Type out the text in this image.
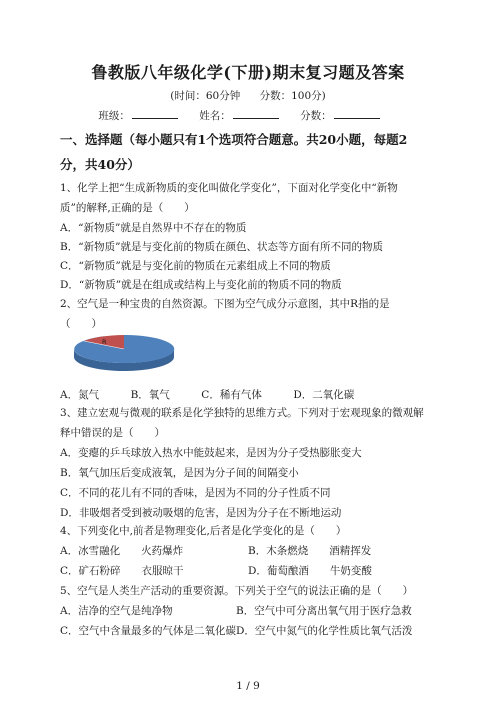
鲁教版八年级化学(下册)期末复习题及答案
(时间：60分钟 分数：100分)
班级：	姓名：	分数：
一、选择题（每小题只有1个选项符合题意。共20小题，每题2
分，共40分）
1、化学上把“生成新物质的变化叫做化学变化”，下面对化学变化中“新物
质”的解释,正确的是（　　）
A．“新物质”就是自然界中不存在的物质
B．“新物质”就是与变化前的物质在颜色、状态等方面有所不同的物质
C．“新物质”就是与变化前的物质在元素组成上不同的物质
D．“新物质”就是在组成或结构上与变化前的物质不同的物质
2、空气是一种宝贵的自然资源。下图为空气成分示意图，其中R指的是
（　　）
R
A．氮气　　　B．氧气　　　C．稀有气体　　　D．二氧化碳
3、建立宏观与微观的联系是化学独特的思维方式。下列对于宏观现象的微观解
释中错误的是（　　）
A．变瘪的乒乓球放入热水中能鼓起来，是因为分子受热膨胀变大
B．氧气加压后变成液氧，是因为分子间的间隔变小
C．不同的花儿有不同的香味，是因为不同的分子性质不同
D．非吸烟者受到被动吸烟的危害，是因为分子在不断地运动
4、下列变化中,前者是物理变化,后者是化学变化的是（　　）
A．冰雪融化　　火药爆炸	B．木条燃烧　　酒精挥发
C．矿石粉碎　　衣服晾干	D．葡萄酿酒　　牛奶变酸
5、空气是人类生产活动的重要资源。下列关于空气的说法正确的是（　　）
A．洁净的空气是纯净物	B．空气中可分离出氧气用于医疗急救
C．空气中含量最多的气体是二氧化碳 D．空气中氮气的化学性质比氧气活泼
1 / 9
